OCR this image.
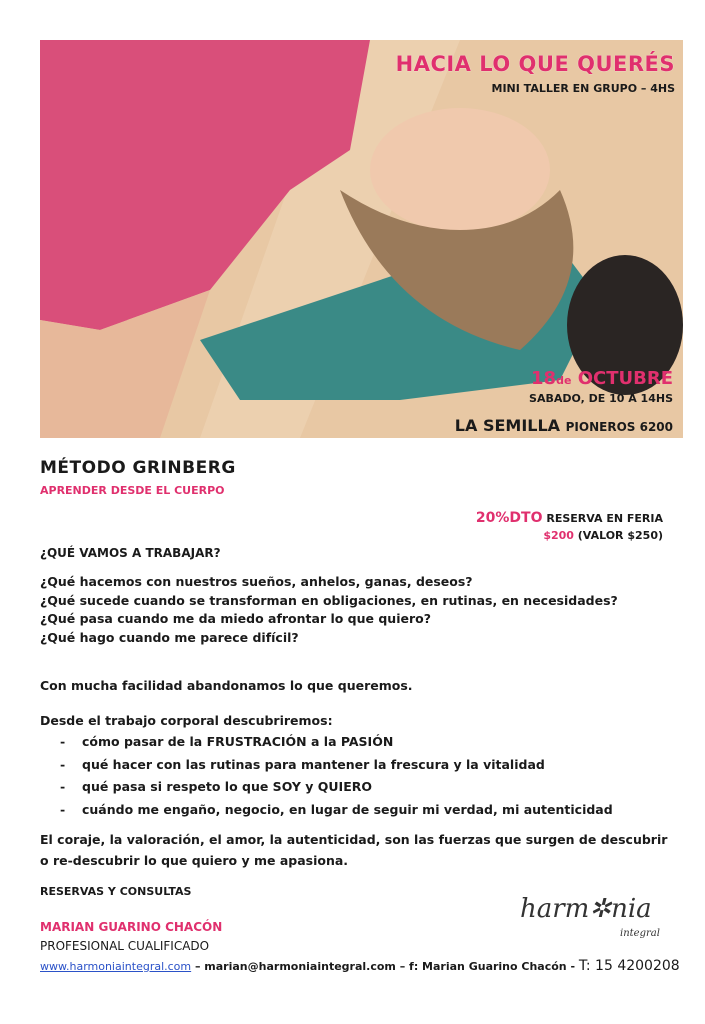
HACIA LO QUE QUERÉS
MINI TALLER EN GRUPO – 4HS
18de OCTUBRE
SABADO, DE 10 A 14HS
LA SEMILLA PIONEROS 6200
MÉTODO GRINBERG
APRENDER DESDE EL CUERPO
20%DTO RESERVA EN FERIA
$200 (VALOR $250)
¿QUÉ VAMOS A TRABAJAR?
¿Qué hacemos con nuestros sueños, anhelos, ganas, deseos?
¿Qué sucede cuando se transforman en obligaciones, en rutinas, en necesidades?
¿Qué pasa cuando me da miedo afrontar lo que quiero?
¿Qué hago cuando me parece difícil?

Con mucha facilidad abandonamos lo que queremos.

Desde el trabajo corporal descubriremos:

- cómo pasar de la FRUSTRACIÓN a la PASIÓN
- qué hacer con las rutinas para mantener la frescura y la vitalidad
- qué pasa si respeto lo que SOY y QUIERO
- cuándo me engaño, negocio, en lugar de seguir mi verdad, mi autenticidad

El coraje, la valoración, el amor, la autenticidad, son las fuerzas que surgen de descubrir o re-descubrir lo que quiero y me apasiona.

RESERVAS Y CONSULTAS
MARIAN GUARINO CHACÓN
PROFESIONAL CUALIFICADO
www.harmoniaintegral.com – marian@harmoniaintegral.com – f: Marian Guarino Chacón - T: 15 4200208
harm✲nia
integral
